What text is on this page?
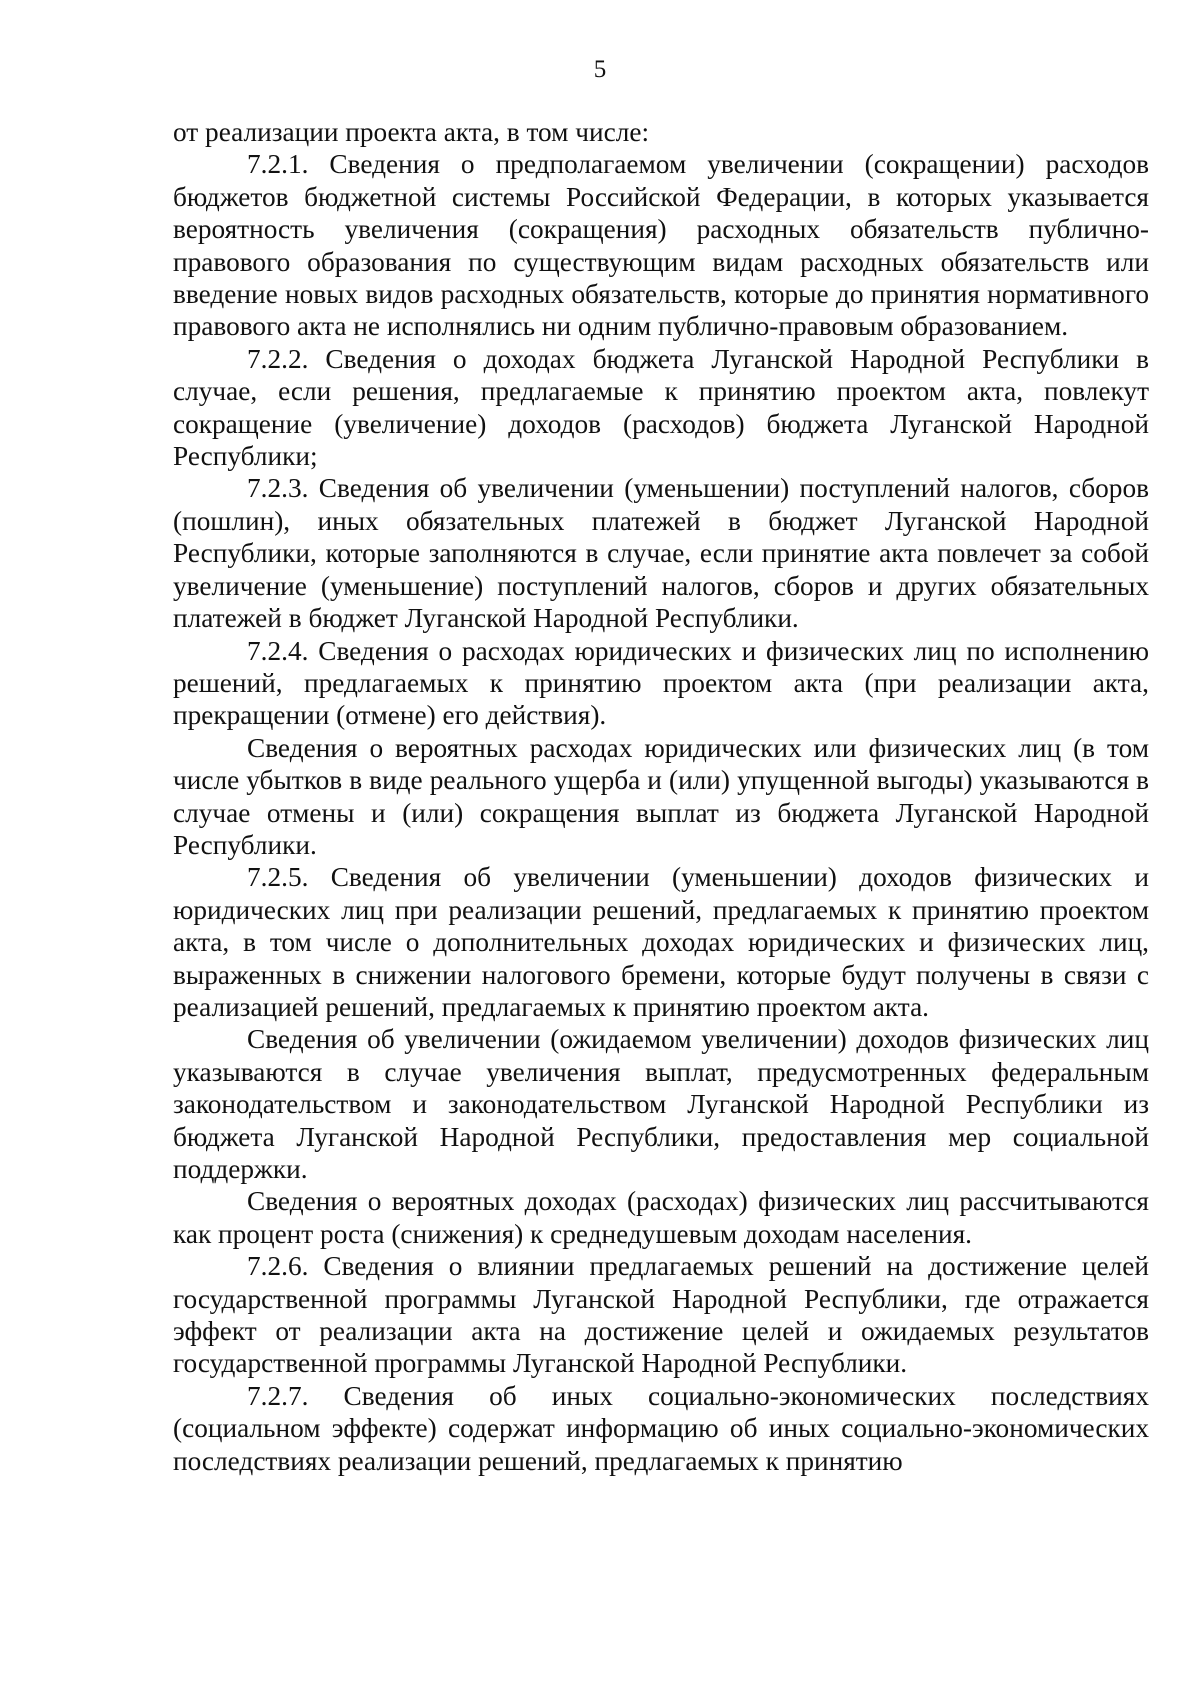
5

от реализации проекта акта, в том числе:

7.2.1. Сведения о предполагаемом увеличении (сокращении) расходов бюджетов бюджетной системы Российской Федерации, в которых указывается вероятность увеличения (сокращения) расходных обязательств публично-правового образования по существующим видам расходных обязательств или введение новых видов расходных обязательств, которые до принятия нормативного правового акта не исполнялись ни одним публично-правовым образованием.

7.2.2. Сведения о доходах бюджета Луганской Народной Республики в случае, если решения, предлагаемые к принятию проектом акта, повлекут сокращение (увеличение) доходов (расходов) бюджета Луганской Народной Республики;

7.2.3. Сведения об увеличении (уменьшении) поступлений налогов, сборов (пошлин), иных обязательных платежей в бюджет Луганской Народной Республики, которые заполняются в случае, если принятие акта повлечет за собой увеличение (уменьшение) поступлений налогов, сборов и других обязательных платежей в бюджет Луганской Народной Республики.

7.2.4. Сведения о расходах юридических и физических лиц по исполнению решений, предлагаемых к принятию проектом акта (при реализации акта, прекращении (отмене) его действия).

Сведения о вероятных расходах юридических или физических лиц (в том числе убытков в виде реального ущерба и (или) упущенной выгоды) указываются в случае отмены и (или) сокращения выплат из бюджета Луганской Народной Республики.

7.2.5. Сведения об увеличении (уменьшении) доходов физических и юридических лиц при реализации решений, предлагаемых к принятию проектом акта, в том числе о дополнительных доходах юридических и физических лиц, выраженных в снижении налогового бремени, которые будут получены в связи с реализацией решений, предлагаемых к принятию проектом акта.

Сведения об увеличении (ожидаемом увеличении) доходов физических лиц указываются в случае увеличения выплат, предусмотренных федеральным законодательством и законодательством Луганской Народной Республики из бюджета Луганской Народной Республики, предоставления мер социальной поддержки.

Сведения о вероятных доходах (расходах) физических лиц рассчитываются как процент роста (снижения) к среднедушевым доходам населения.

7.2.6. Сведения о влиянии предлагаемых решений на достижение целей государственной программы Луганской Народной Республики, где отражается эффект от реализации акта на достижение целей и ожидаемых результатов государственной программы Луганской Народной Республики.

7.2.7. Сведения об иных социально-экономических последствиях (социальном эффекте) содержат информацию об иных социально-экономических последствиях реализации решений, предлагаемых к принятию
